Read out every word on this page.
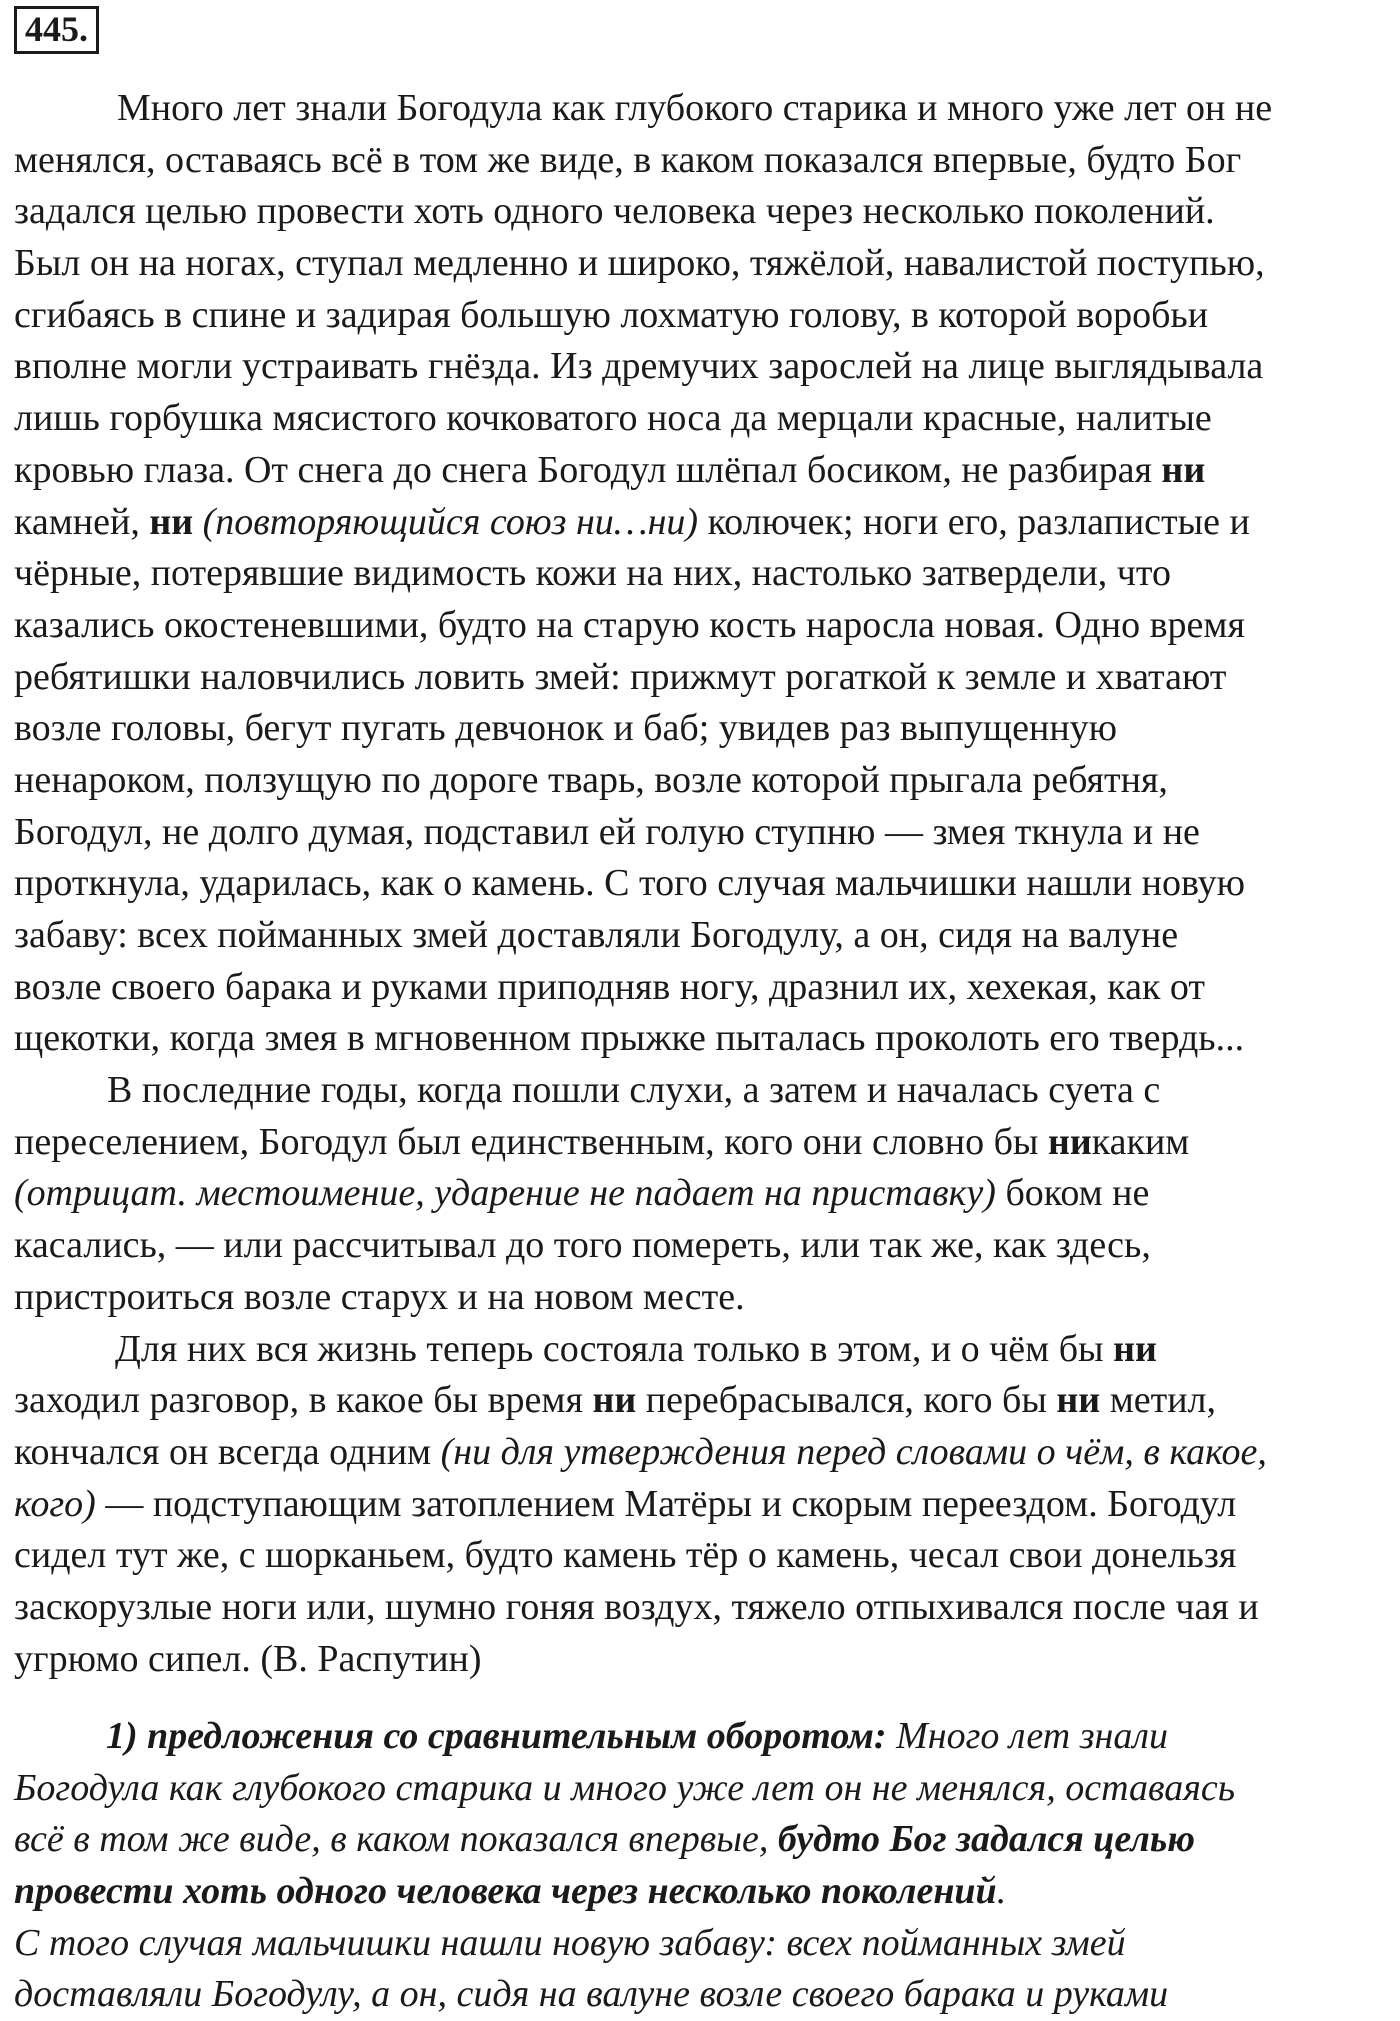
445.
Много лет знали Богодула как глубокого старика и много уже лет он не
менялся, оставаясь всё в том же виде, в каком показался впервые, будто Бог
задался целью провести хоть одного человека через несколько поколений.
Был он на ногах, ступал медленно и широко, тяжёлой, навалистой поступью,
сгибаясь в спине и задирая большую лохматую голову, в которой воробьи
вполне могли устраивать гнёзда. Из дремучих зарослей на лице выглядывала
лишь горбушка мясистого кочковатого носа да мерцали красные, налитые
кровью глаза. От снега до снега Богодул шлёпал босиком, не разбирая ни
камней, ни (повторяющийся союз ни…ни) колючек; ноги его, разлапистые и
чёрные, потерявшие видимость кожи на них, настолько затвердели, что
казались окостеневшими, будто на старую кость наросла новая. Одно время
ребятишки наловчились ловить змей: прижмут рогаткой к земле и хватают
возле головы, бегут пугать девчонок и баб; увидев раз выпущенную
ненароком, ползущую по дороге тварь, возле которой прыгала ребятня,
Богодул, не долго думая, подставил ей голую ступню — змея ткнула и не
проткнула, ударилась, как о камень. С того случая мальчишки нашли новую
забаву: всех пойманных змей доставляли Богодулу, а он, сидя на валуне
возле своего барака и руками приподняв ногу, дразнил их, хехекая, как от
щекотки, когда змея в мгновенном прыжке пыталась проколоть его твердь...
В последние годы, когда пошли слухи, а затем и началась суета с
переселением, Богодул был единственным, кого они словно бы никаким
(отрицат. местоимение, ударение не падает на приставку) боком не
касались, — или рассчитывал до того помереть, или так же, как здесь,
пристроиться возле старух и на новом месте.
Для них вся жизнь теперь состояла только в этом, и о чём бы ни
заходил разговор, в какое бы время ни перебрасывался, кого бы ни метил,
кончался он всегда одним (ни для утверждения перед словами о чём, в какое,
кого) — подступающим затоплением Матёры и скорым переездом. Богодул
сидел тут же, с шорканьем, будто камень тёр о камень, чесал свои донельзя
заскорузлые ноги или, шумно гоняя воздух, тяжело отпыхивался после чая и
угрюмо сипел. (В. Распутин)
1) предложения со сравнительным оборотом: Много лет знали
Богодула как глубокого старика и много уже лет он не менялся, оставаясь
всё в том же виде, в каком показался впервые, будто Бог задался целью
провести хоть одного человека через несколько поколений.
С того случая мальчишки нашли новую забаву: всех пойманных змей
доставляли Богодулу, а он, сидя на валуне возле своего барака и руками
